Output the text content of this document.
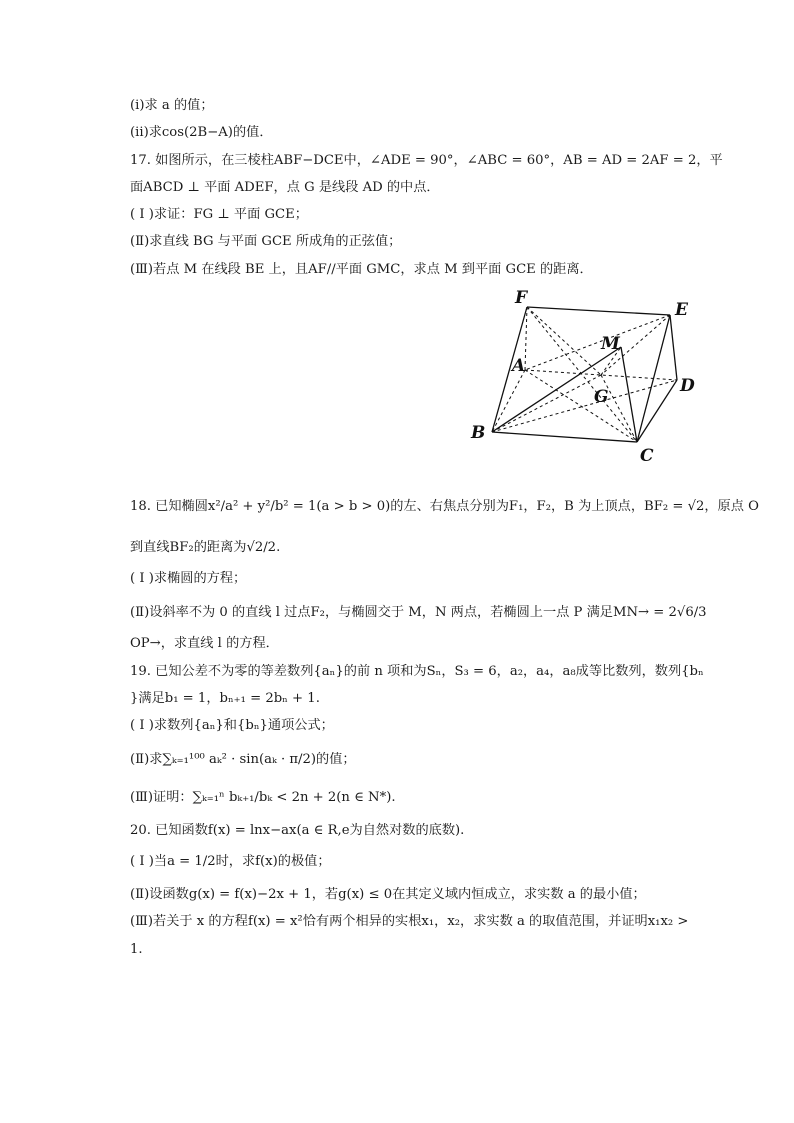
(i)求 a 的值；
(ii)求cos(2B−A)的值．
17. 如图所示，在三棱柱ABF−DCE中，∠ADE = 90°，∠ABC = 60°，AB = AD = 2AF = 2，平
面ABCD ⊥ 平面 ADEF，点 G 是线段 AD 的中点．
( Ⅰ )求证：FG ⊥ 平面 GCE；
(Ⅱ)求直线 BG 与平面 GCE 所成角的正弦值；
(Ⅲ)若点 M 在线段 BE 上，且AF//平面 GMC，求点 M 到平面 GCE 的距离．
F
E
A
M
D
G
B
C
18. 已知椭圆x²/a² + y²/b² = 1(a > b > 0)的左、右焦点分别为F₁，F₂，B 为上顶点，BF₂ = √2，原点 O
到直线BF₂的距离为√2/2.
( Ⅰ )求椭圆的方程；
(Ⅱ)设斜率不为 0 的直线 l 过点F₂，与椭圆交于 M，N 两点，若椭圆上一点 P 满足MN→ = 2√6/3
OP→，求直线 l 的方程．
19. 已知公差不为零的等差数列{aₙ}的前 n 项和为Sₙ，S₃ = 6，a₂，a₄，a₈成等比数列，数列{bₙ
}满足b₁ = 1，bₙ₊₁ = 2bₙ + 1.
( Ⅰ )求数列{aₙ}和{bₙ}通项公式；
(Ⅱ)求∑ₖ₌₁¹⁰⁰ aₖ² · sin(aₖ · π/2)的值；
(Ⅲ)证明：∑ₖ₌₁ⁿ bₖ₊₁/bₖ < 2n + 2(n ∈ N*).
20. 已知函数f(x) = lnx−ax(a ∈ R,e为自然对数的底数).
( Ⅰ )当a = 1/2时，求f(x)的极值；
(Ⅱ)设函数g(x) = f(x)−2x + 1，若g(x) ≤ 0在其定义域内恒成立，求实数 a 的最小值；
(Ⅲ)若关于 x 的方程f(x) = x²恰有两个相异的实根x₁，x₂，求实数 a 的取值范围，并证明x₁x₂ >
1.
